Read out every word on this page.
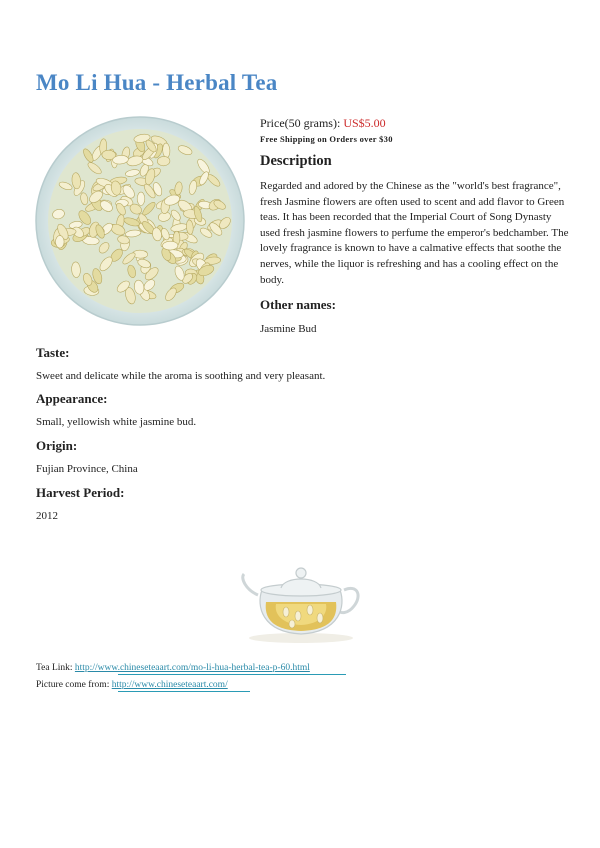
Mo Li Hua - Herbal Tea
Price(50 grams): US$5.00
Free Shipping on Orders over $30
Description
Regarded and adored by the Chinese as the "world's best fragrance", fresh Jasmine flowers are often used to scent and add flavor to Green teas. It has been recorded that the Imperial Court of Song Dynasty used fresh jasmine flowers to perfume the emperor's bedchamber. The lovely fragrance is known to have a calmative effects that soothe the nerves, while the liquor is refreshing and has a cooling effect on the body.
Other names:
Jasmine Bud
Taste:
Sweet and delicate while the aroma is soothing and very pleasant.
Appearance:
Small, yellowish white jasmine bud.
Origin:
Fujian Province, China
Harvest Period:
2012
Tea Link: http://www.chineseteaart.com/mo-li-hua-herbal-tea-p-60.html
Picture come from: http://www.chineseteaart.com/
